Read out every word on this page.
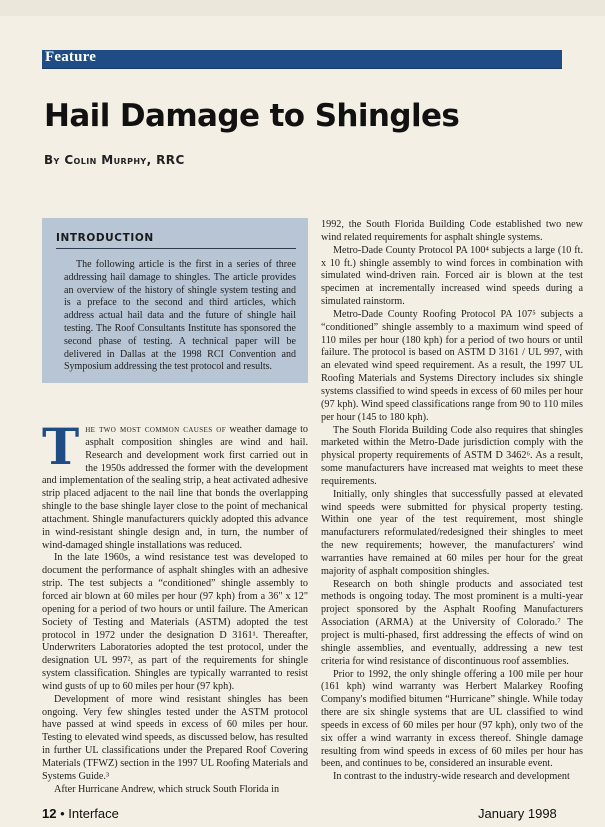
Feature
Hail Damage to Shingles
By Colin Murphy, RRC
INTRODUCTION

The following article is the first in a series of three addressing hail damage to shingles. The article provides an overview of the history of shingle system testing and is a preface to the second and third articles, which address actual hail data and the future of shingle hail testing. The Roof Consultants Institute has sponsored the second phase of testing. A technical paper will be delivered in Dallas at the 1998 RCI Convention and Symposium addressing the test protocol and results.

The two most common causes of weather damage to asphalt composition shingles are wind and hail. Research and development work first carried out in the 1950s addressed the former with the development and implementation of the sealing strip, a heat activated adhesive strip placed adjacent to the nail line that bonds the overlapping shingle to the base shingle layer close to the point of mechanical attachment. Shingle manufacturers quickly adopted this advance in wind-resistant shingle design and, in turn, the number of wind-damaged shingle installations was reduced.

In the late 1960s, a wind resistance test was developed to document the performance of asphalt shingles with an adhesive strip. The test subjects a “conditioned” shingle assembly to forced air blown at 60 miles per hour (97 kph) from a 36" x 12" opening for a period of two hours or until failure. The American Society of Testing and Materials (ASTM) adopted the test protocol in 1972 under the designation D 3161¹. Thereafter, Underwriters Laboratories adopted the test protocol, under the designation UL 997², as part of the requirements for shingle system classification. Shingles are typically warranted to resist wind gusts of up to 60 miles per hour (97 kph).

Development of more wind resistant shingles has been ongoing. Very few shingles tested under the ASTM protocol have passed at wind speeds in excess of 60 miles per hour. Testing to elevated wind speeds, as discussed below, has resulted in further UL classifications under the Prepared Roof Covering Materials (TFWZ) section in the 1997 UL Roofing Materials and Systems Guide.³

After Hurricane Andrew, which struck South Florida in

1992, the South Florida Building Code established two new wind related requirements for asphalt shingle systems.

Metro-Dade County Protocol PA 100⁴ subjects a large (10 ft. x 10 ft.) shingle assembly to wind forces in combination with simulated wind-driven rain. Forced air is blown at the test specimen at incrementally increased wind speeds during a simulated rainstorm.

Metro-Dade County Roofing Protocol PA 107⁵ subjects a “conditioned” shingle assembly to a maximum wind speed of 110 miles per hour (180 kph) for a period of two hours or until failure. The protocol is based on ASTM D 3161 / UL 997, with an elevated wind speed requirement. As a result, the 1997 UL Roofing Materials and Systems Directory includes six shingle systems classified to wind speeds in excess of 60 miles per hour (97 kph). Wind speed classifications range from 90 to 110 miles per hour (145 to 180 kph).

The South Florida Building Code also requires that shingles marketed within the Metro-Dade jurisdiction comply with the physical property requirements of ASTM D 3462⁶. As a result, some manufacturers have increased mat weights to meet these requirements.

Initially, only shingles that successfully passed at elevated wind speeds were submitted for physical property testing. Within one year of the test requirement, most shingle manufacturers reformulated/redesigned their shingles to meet the new requirements; however, the manufacturers' wind warranties have remained at 60 miles per hour for the great majority of asphalt composition shingles.

Research on both shingle products and associated test methods is ongoing today. The most prominent is a multi-year project sponsored by the Asphalt Roofing Manufacturers Association (ARMA) at the University of Colorado.⁷ The project is multi-phased, first addressing the effects of wind on shingle assemblies, and eventually, addressing a new test criteria for wind resistance of discontinuous roof assemblies.

Prior to 1992, the only shingle offering a 100 mile per hour (161 kph) wind warranty was Herbert Malarkey Roofing Company's modified bitumen “Hurricane” shingle. While today there are six shingle systems that are UL classified to wind speeds in excess of 60 miles per hour (97 kph), only two of the six offer a wind warranty in excess thereof. Shingle damage resulting from wind speeds in excess of 60 miles per hour has been, and continues to be, considered an insurable event.

In contrast to the industry-wide research and development

12 • Interface	January 1998
